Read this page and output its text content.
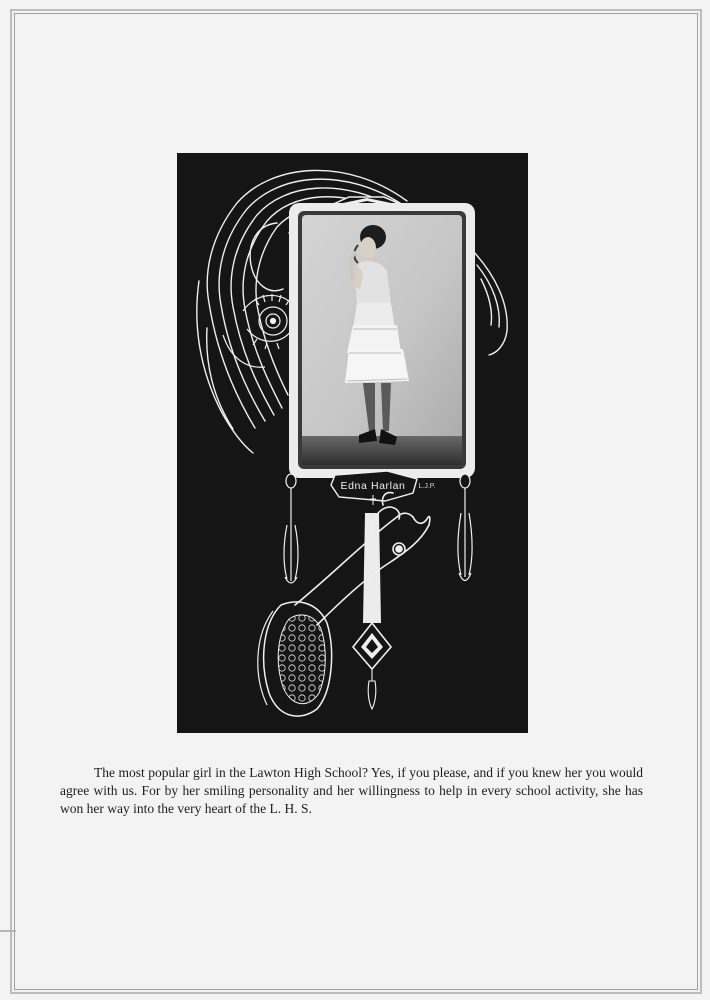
Edna Harlan L.J.P.

The most popular girl in the Lawton High School? Yes, if you please, and if you knew her you would agree with us. For by her smiling personality and her willingness to help in every school activity, she has won her way into the very heart of the L. H. S.
